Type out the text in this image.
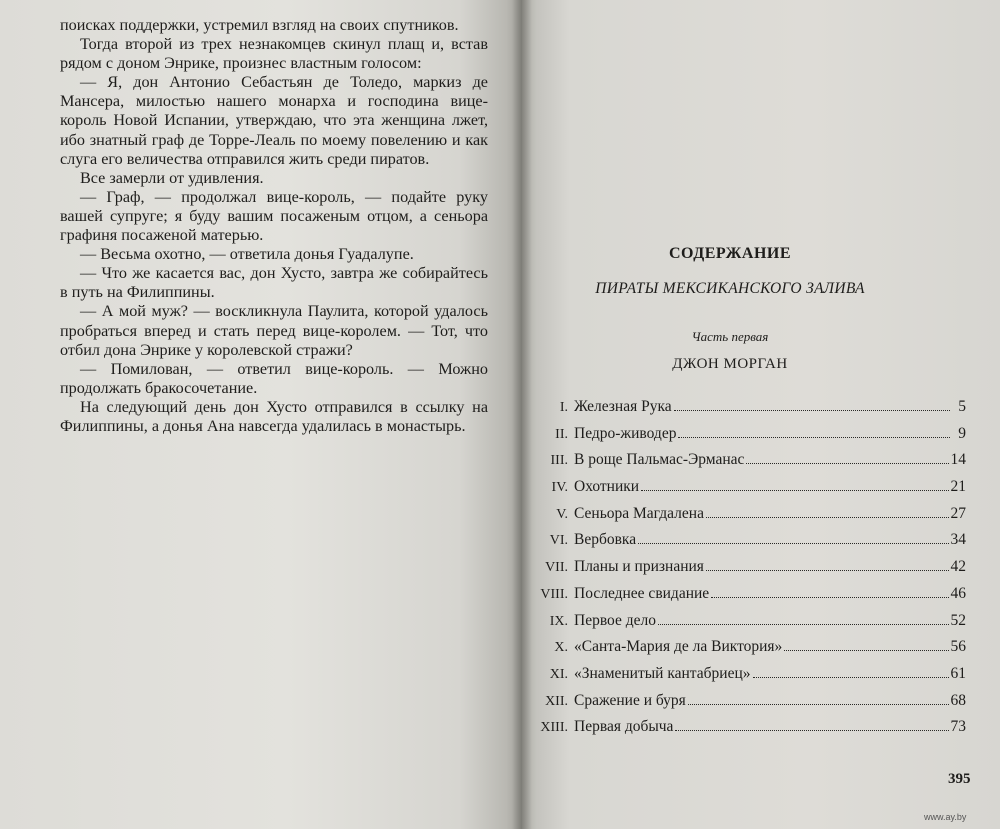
поисках поддержки, устремил взгляд на своих спутников.

Тогда второй из трех незнакомцев скинул плащ и, встав рядом с доном Энрике, произнес властным голосом:

— Я, дон Антонио Себастьян де Толедо, маркиз де Мансера, милостью нашего монарха и господина вице-король Новой Испании, утверждаю, что эта женщина лжет, ибо знатный граф де Торре-Леаль по моему повелению и как слуга его величества отправился жить среди пиратов.

Все замерли от удивления.

— Граф, — продолжал вице-король, — подайте руку вашей супруге; я буду вашим посаженым отцом, а сеньора графиня посаженой матерью.

— Весьма охотно, — ответила донья Гуадалупе.

— Что же касается вас, дон Хусто, завтра же собирайтесь в путь на Филиппины.

— А мой муж? — воскликнула Паулита, которой удалось пробраться вперед и стать перед вице-королем. — Тот, что отбил дона Энрике у королевской стражи?

— Помилован, — ответил вице-король. — Можно продолжать бракосочетание.

На следующий день дон Хусто отправился в ссылку на Филиппины, а донья Ана навсегда удалилась в монастырь.

СОДЕРЖАНИЕ
ПИРАТЫ МЕКСИКАНСКОГО ЗАЛИВА
Часть первая
ДЖОН МОРГАН
I. Железная Рука	5
II. Педро-живодер	9
III. В роще Пальмас-Эрманас	14
IV. Охотники	21
V. Сеньора Магдалена	27
VI. Вербовка	34
VII. Планы и признания	42
VIII. Последнее свидание	46
IX. Первое дело	52
X. «Санта-Мария де ла Виктория»	56
XI. «Знаменитый кантабриец»	61
XII. Сражение и буря	68
XIII. Первая добыча	73
395
www.ay.by
